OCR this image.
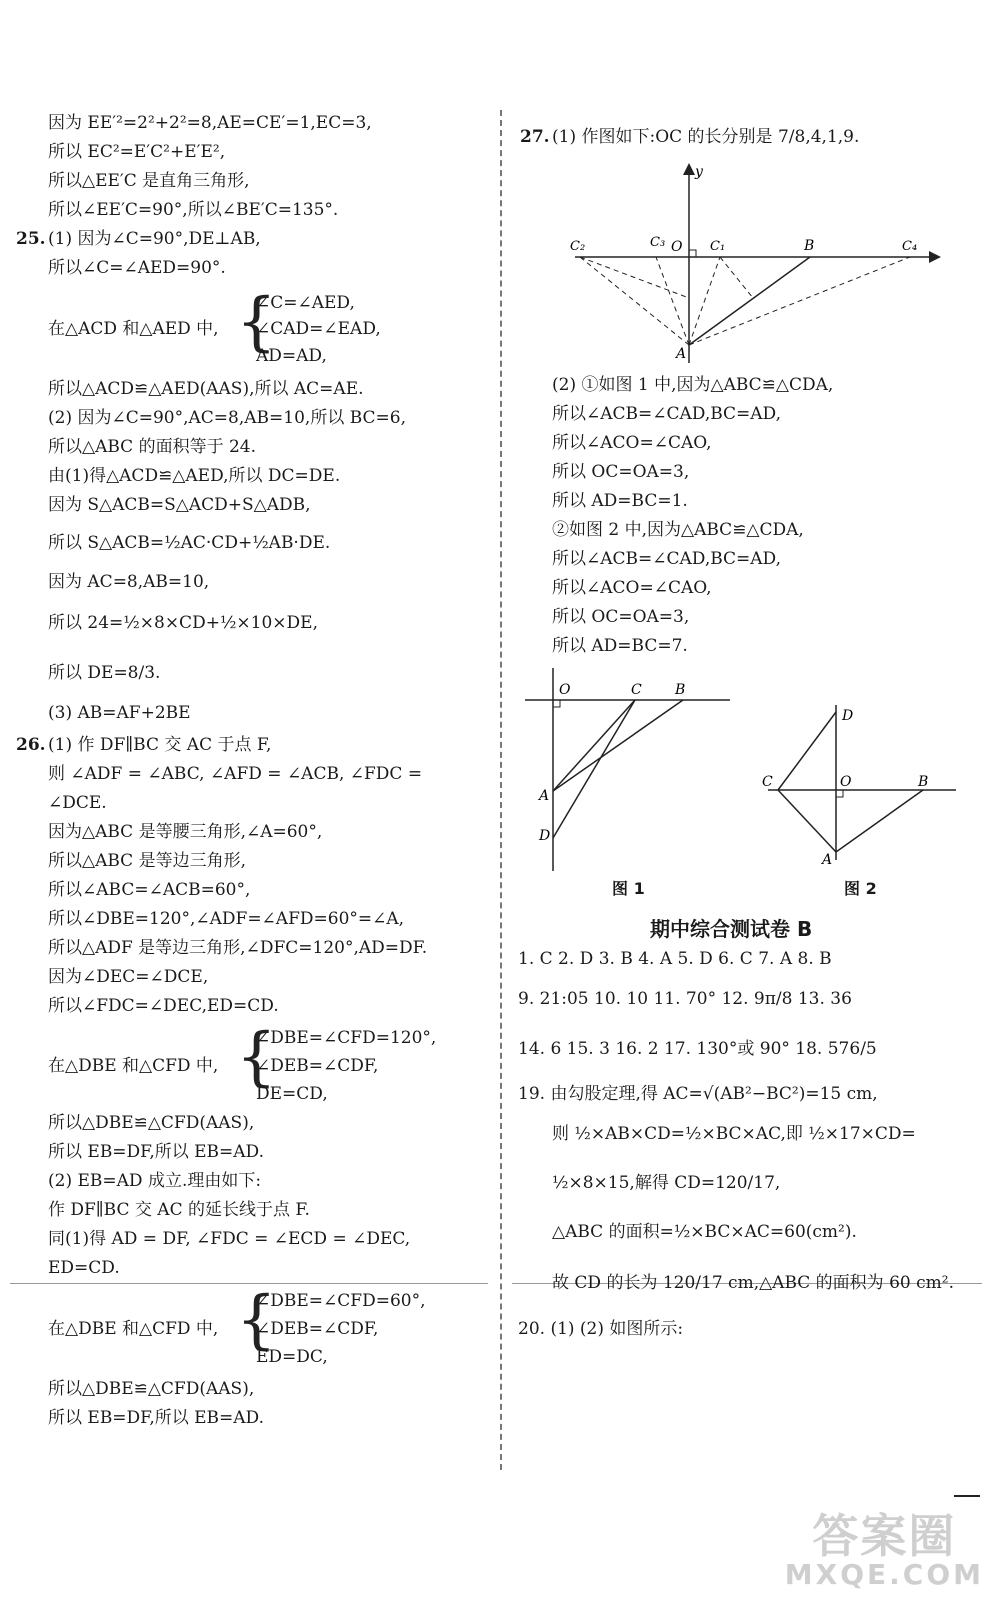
因为 EE′²=2²+2²=8,AE=CE′=1,EC=3,
所以 EC²=E′C²+E′E²,
所以△EE′C 是直角三角形,
所以∠EE′C=90°,所以∠BE′C=135°.
25. (1) 因为∠C=90°,DE⊥AB,
所以∠C=∠AED=90°.
∠C=∠AED,
在△ACD 和△AED 中, {
∠CAD=∠EAD,
AD=AD,
所以△ACD≌△AED(AAS),所以 AC=AE.
(2) 因为∠C=90°,AC=8,AB=10,所以 BC=6,
所以△ABC 的面积等于 24.
由(1)得△ACD≌△AED,所以 DC=DE.
因为 S△ACB=S△ACD+S△ADB,
所以 S△ACB=½AC·CD+½AB·DE.
因为 AC=8,AB=10,
所以 24=½×8×CD+½×10×DE,
所以 DE=8/3.
(3) AB=AF+2BE
26. (1) 作 DF∥BC 交 AC 于点 F,
则 ∠ADF = ∠ABC, ∠AFD = ∠ACB, ∠FDC =
∠DCE.
因为△ABC 是等腰三角形,∠A=60°,
所以△ABC 是等边三角形,
所以∠ABC=∠ACB=60°,
所以∠DBE=120°,∠ADF=∠AFD=60°=∠A,
所以△ADF 是等边三角形,∠DFC=120°,AD=DF.
因为∠DEC=∠DCE,
所以∠FDC=∠DEC,ED=CD.
∠DBE=∠CFD=120°,
在△DBE 和△CFD 中, {
∠DEB=∠CDF,
DE=CD,
所以△DBE≌△CFD(AAS),
所以 EB=DF,所以 EB=AD.
(2) EB=AD 成立.理由如下:
作 DF∥BC 交 AC 的延长线于点 F.
同(1)得 AD = DF, ∠FDC = ∠ECD = ∠DEC,
ED=CD.
∠DBE=∠CFD=60°,
在△DBE 和△CFD 中, {
∠DEB=∠CDF,
ED=DC,
所以△DBE≌△CFD(AAS),
所以 EB=DF,所以 EB=AD.
27. (1) 作图如下:OC 的长分别是 7/8,4,1,9.
y
O
A
B
C₁
C₂	C₃	C₄
(2) ①如图 1 中,因为△ABC≌△CDA,
所以∠ACB=∠CAD,BC=AD,
所以∠ACO=∠CAO,
所以 OC=OA=3,
所以 AD=BC=1.
②如图 2 中,因为△ABC≌△CDA,
所以∠ACB=∠CAD,BC=AD,
所以∠ACO=∠CAO,
所以 OC=OA=3,
所以 AD=BC=7.
O	C B
A
D
图 1
D
C	O	B
A
图 2
期中综合测试卷 B
1. C 2. D 3. B 4. A 5. D 6. C 7. A 8. B
9. 21:05 10. 10 11. 70° 12. 9π/8 13. 36
14. 6 15. 3 16. 2 17. 130°或 90° 18. 576/5
19. 由勾股定理,得 AC=√(AB²−BC²)=15 cm,
则 ½×AB×CD=½×BC×AC,即 ½×17×CD=
½×8×15,解得 CD=120/17,
△ABC 的面积=½×BC×AC=60(cm²).
故 CD 的长为 120/17 cm,△ABC 的面积为 60 cm².
20. (1) (2) 如图所示:
答案圈
MXQE.COM
